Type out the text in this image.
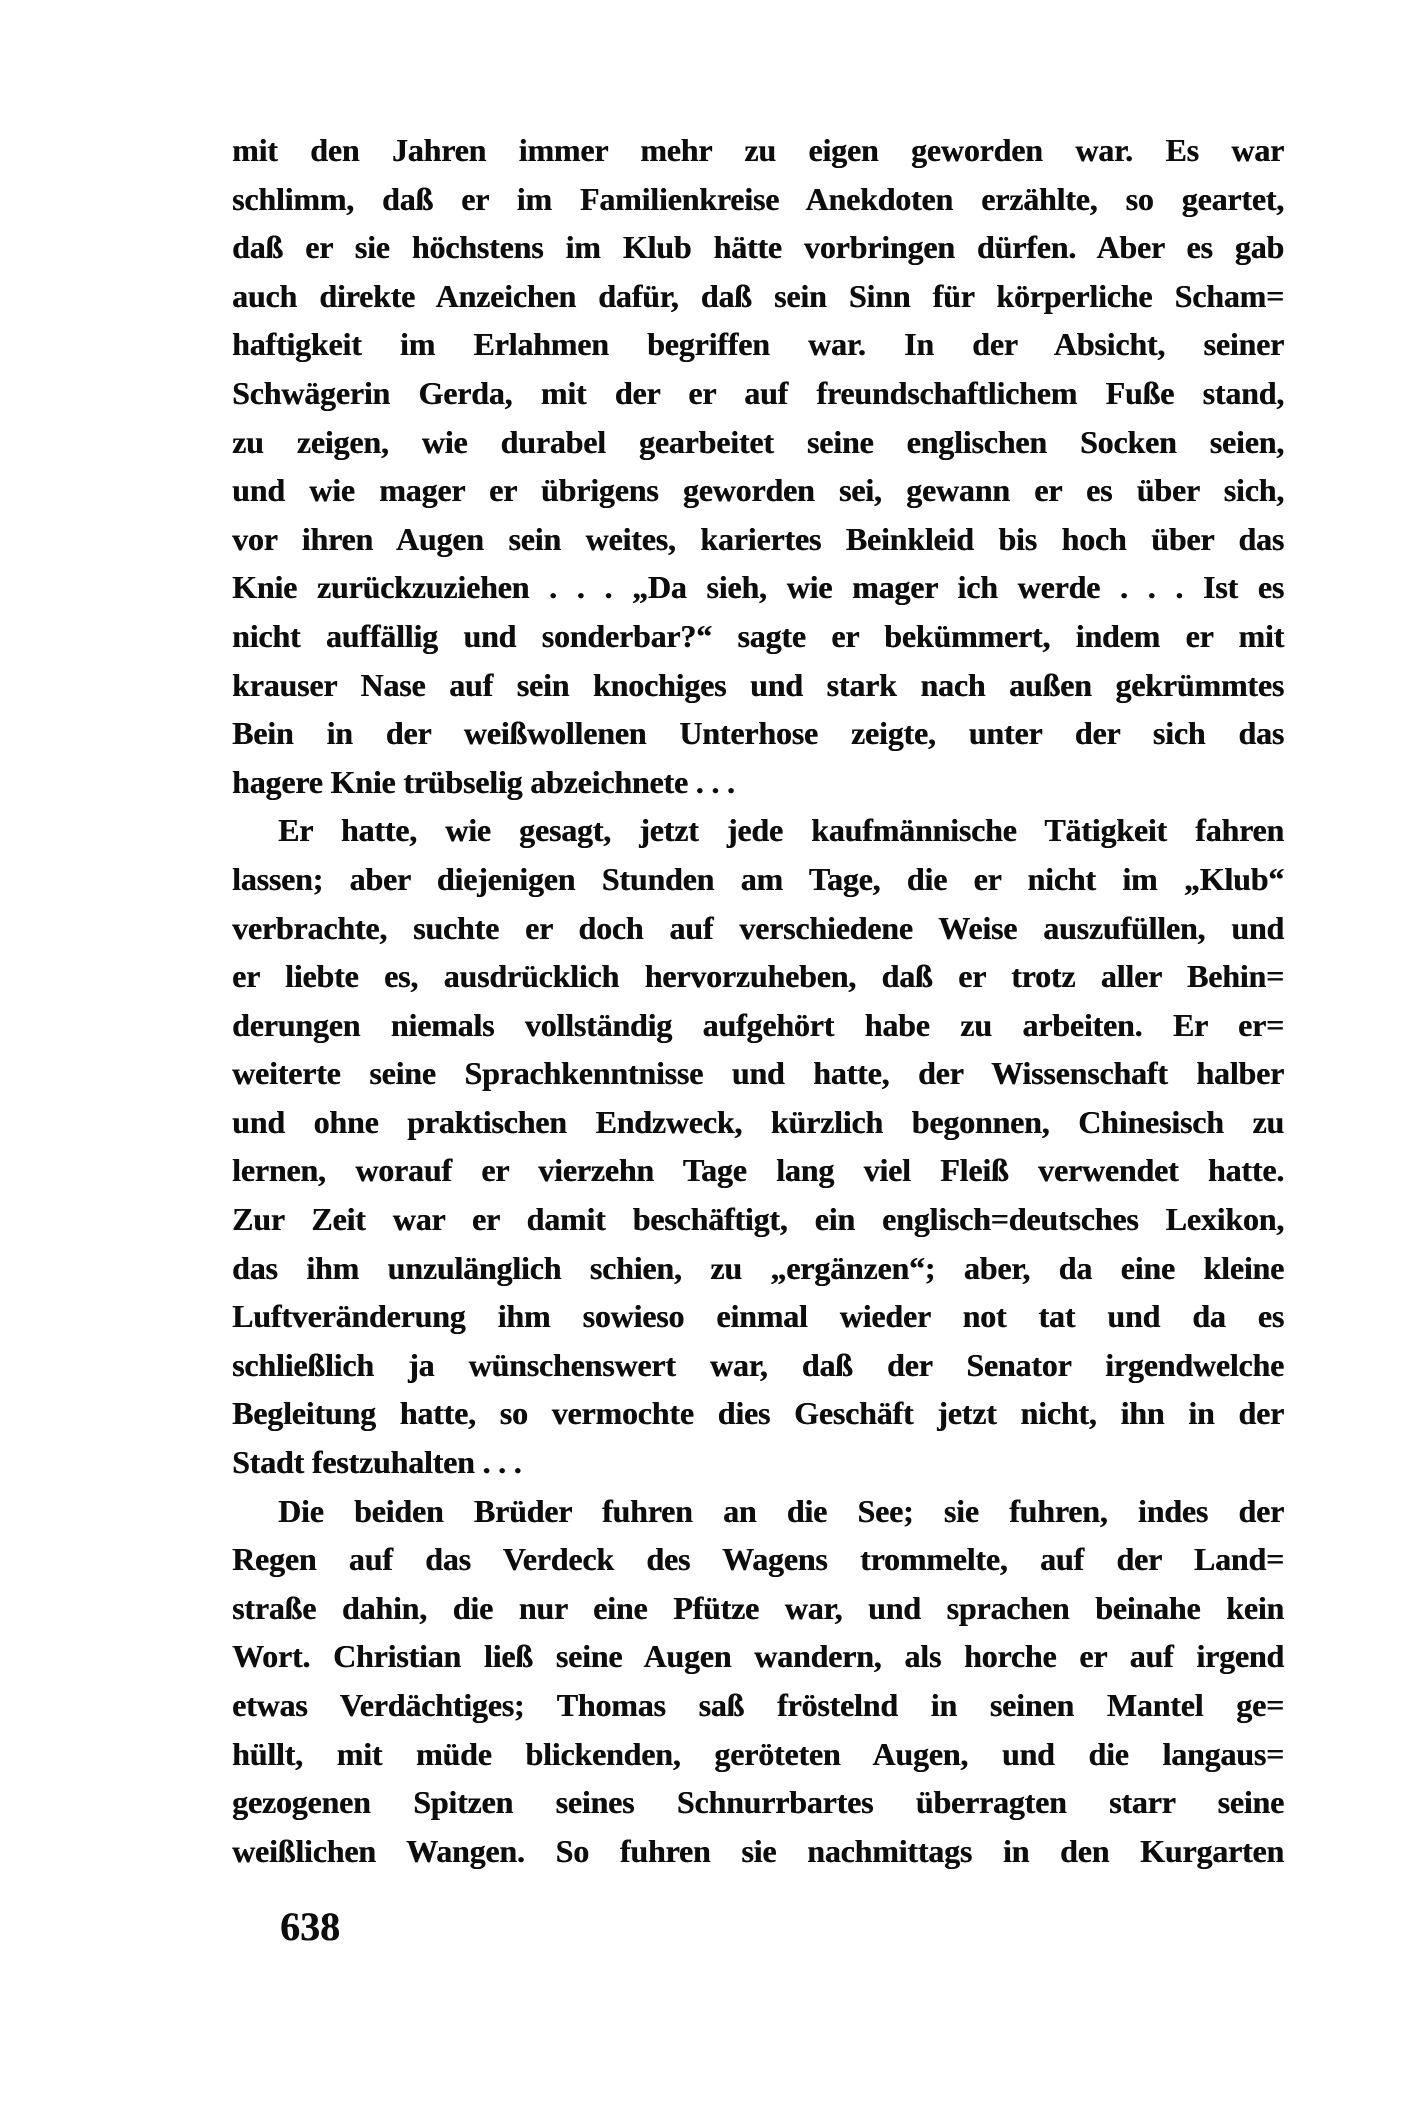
mit den Jahren immer mehr zu eigen geworden war. Es war
schlimm, daß er im Familienkreise Anekdoten erzählte, so geartet,
daß er sie höchstens im Klub hätte vorbringen dürfen. Aber es gab
auch direkte Anzeichen dafür, daß sein Sinn für körperliche Scham=
haftigkeit im Erlahmen begriffen war. In der Absicht, seiner
Schwägerin Gerda, mit der er auf freundschaftlichem Fuße stand,
zu zeigen, wie durabel gearbeitet seine englischen Socken seien,
und wie mager er übrigens geworden sei, gewann er es über sich,
vor ihren Augen sein weites, kariertes Beinkleid bis hoch über das
Knie zurückzuziehen . . . „Da sieh, wie mager ich werde . . . Ist es
nicht auffällig und sonderbar?“ sagte er bekümmert, indem er mit
krauser Nase auf sein knochiges und stark nach außen gekrümmtes
Bein in der weißwollenen Unterhose zeigte, unter der sich das
hagere Knie trübselig abzeichnete . . .
Er hatte, wie gesagt, jetzt jede kaufmännische Tätigkeit fahren
lassen; aber diejenigen Stunden am Tage, die er nicht im „Klub“
verbrachte, suchte er doch auf verschiedene Weise auszufüllen, und
er liebte es, ausdrücklich hervorzuheben, daß er trotz aller Behin=
derungen niemals vollständig aufgehört habe zu arbeiten. Er er=
weiterte seine Sprachkenntnisse und hatte, der Wissenschaft halber
und ohne praktischen Endzweck, kürzlich begonnen, Chinesisch zu
lernen, worauf er vierzehn Tage lang viel Fleiß verwendet hatte.
Zur Zeit war er damit beschäftigt, ein englisch=deutsches Lexikon,
das ihm unzulänglich schien, zu „ergänzen“; aber, da eine kleine
Luftveränderung ihm sowieso einmal wieder not tat und da es
schließlich ja wünschenswert war, daß der Senator irgendwelche
Begleitung hatte, so vermochte dies Geschäft jetzt nicht, ihn in der
Stadt festzuhalten . . .
Die beiden Brüder fuhren an die See; sie fuhren, indes der
Regen auf das Verdeck des Wagens trommelte, auf der Land=
straße dahin, die nur eine Pfütze war, und sprachen beinahe kein
Wort. Christian ließ seine Augen wandern, als horche er auf irgend
etwas Verdächtiges; Thomas saß fröstelnd in seinen Mantel ge=
hüllt, mit müde blickenden, geröteten Augen, und die langaus=
gezogenen Spitzen seines Schnurrbartes überragten starr seine
weißlichen Wangen. So fuhren sie nachmittags in den Kurgarten
638
